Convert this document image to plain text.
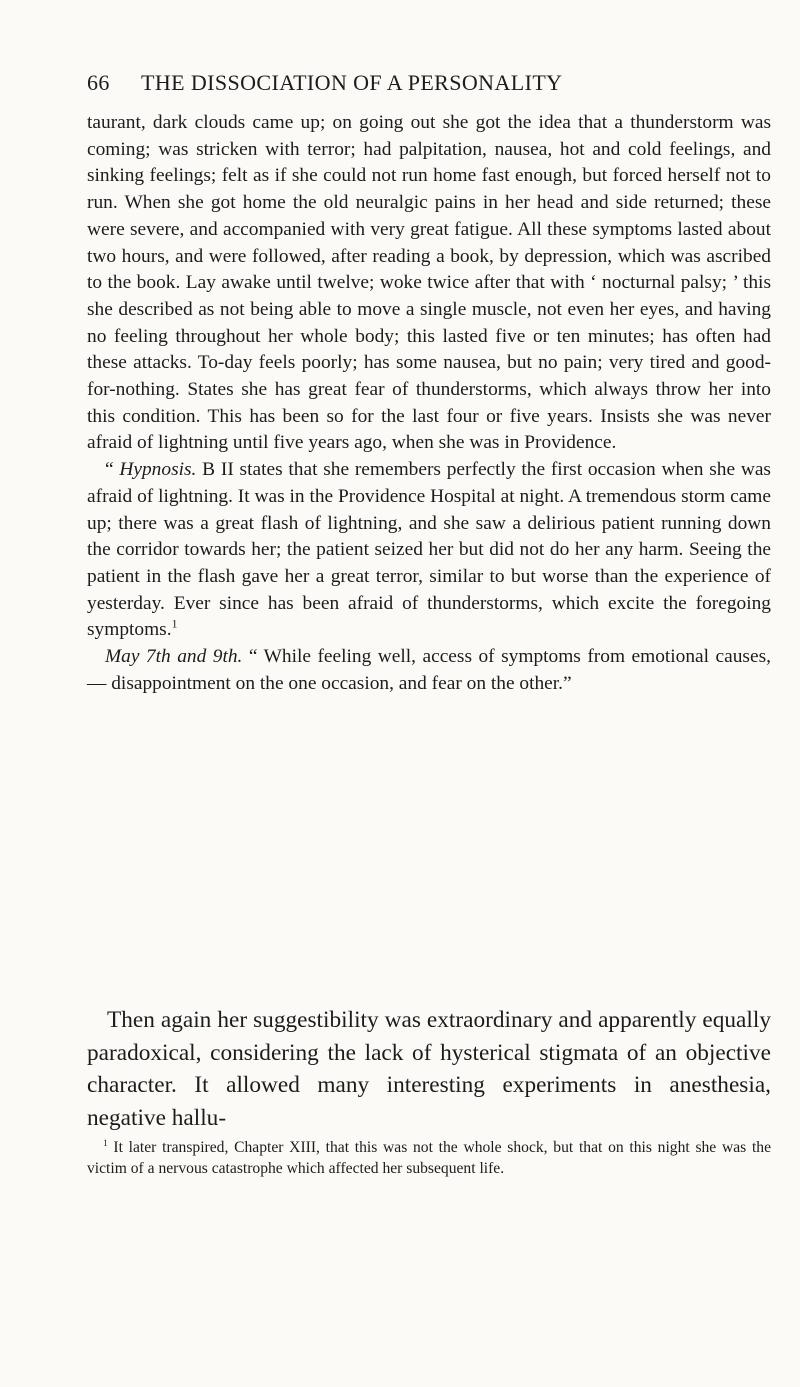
66 THE DISSOCIATION OF A PERSONALITY

taurant, dark clouds came up; on going out she got the idea that a thunderstorm was coming; was stricken with terror; had palpitation, nausea, hot and cold feelings, and sinking feelings; felt as if she could not run home fast enough, but forced herself not to run. When she got home the old neuralgic pains in her head and side returned; these were severe, and accompanied with very great fatigue. All these symptoms lasted about two hours, and were followed, after reading a book, by depression, which was ascribed to the book. Lay awake until twelve; woke twice after that with ‘ nocturnal palsy; ’ this she described as not being able to move a single muscle, not even her eyes, and having no feeling throughout her whole body; this lasted five or ten minutes; has often had these attacks. To-day feels poorly; has some nausea, but no pain; very tired and good-for-nothing. States she has great fear of thunderstorms, which always throw her into this condition. This has been so for the last four or five years. Insists she was never afraid of lightning until five years ago, when she was in Providence.

“ Hypnosis. B II states that she remembers perfectly the first occasion when she was afraid of lightning. It was in the Providence Hospital at night. A tremendous storm came up; there was a great flash of lightning, and she saw a delirious patient running down the corridor towards her; the patient seized her but did not do her any harm. Seeing the patient in the flash gave her a great terror, similar to but worse than the experience of yesterday. Ever since has been afraid of thunderstorms, which excite the foregoing symptoms.$^1$

May 7th and 9th. “ While feeling well, access of symptoms from emotional causes, — disappointment on the one occasion, and fear on the other.”

Then again her suggestibility was extraordinary and apparently equally paradoxical, considering the lack of hysterical stigmata of an objective character. It allowed many interesting experiments in anesthesia, negative hallu-

$^1$ It later transpired, Chapter XIII, that this was not the whole shock, but that on this night she was the victim of a nervous catastrophe which affected her subsequent life.
